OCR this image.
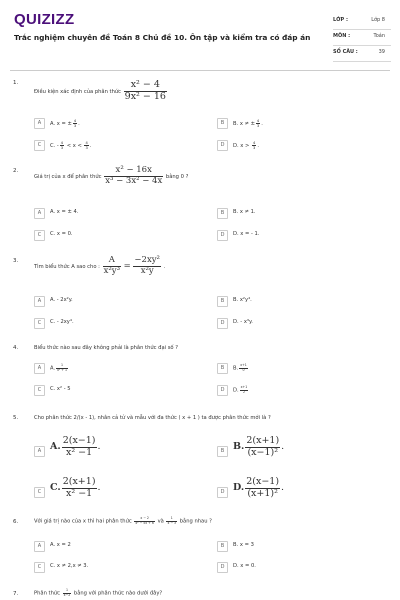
QUIZIZZ
Trắc nghiệm chuyên đề Toán 8 Chủ đề 10. Ôn tập và kiểm tra có đáp án
LỚP :	Lớp 8
MÔN :	Toán
SỐ CÂU :	39
1.
Điều kiện xác định của phân thức $\frac{\text{x² − 4}}{\text{9x² − 16}}$
A	A. x = ± $\frac{4}{3}$ .	B	B. x ≠ ± $\frac{4}{3}$ .
C	C. - $\frac{4}{3} < x < \frac{4}{3}$ .	D	D. $x > \frac{4}{3}$ .
2.
Giá trị của x để phân thức $\frac{\text{x² − 16x}}{\text{x³ − 3x² − 4x}}$ bằng 0 ?
A	A. x = ± 4.	B	B. x ≠ 1.
C	C. x = 0.	D	D. x = - 1.
3.
Tìm biểu thức A sao cho : $\frac{A}{\text{x²y³}} = \frac{\text{−2xy²}}{\text{x²y}}$ .
A	A. - 2x²y.	B	B. x²y⁴.
C	C. - 2xy⁴.	D	D. - x³y.
4.	Biểu thức nào sau đây không phải là phân thức đại số ?
A	A. $\frac{1}{\text{x² + 1}}$	B	B. $\frac{x+1}{0}$
C	C. x² - 5	D	D. $\frac{x+1}{2}$
5.	Cho phân thức 2/(x - 1), nhân cả tử và mẫu với đa thức ( x + 1 ) ta được phân thức mới là ?
A A. $\frac{2(x-1)}{\text{x² −1}}$ .	B B. $\frac{2(x+1)}{\text{(x−1)²}}$ .
C C. $\frac{2(x+1)}{\text{x² −1}}$ .	D D. $\frac{2(x-1)}{\text{(x+1)²}}$ .
6.	Với giá trị nào của x thì hai phân thức $\frac{x - 2}{\text{x² − 5x + 6}}$ và $\frac{1}{x - 3}$ bằng nhau ?
A	A. x = 2	B	B. x = 3
C	C. x ≠ 2,x ≠ 3.	D	D. x = 0.
7.	Phân thức $\frac{1}{x-2}$ bằng với phân thức nào dưới đây?
